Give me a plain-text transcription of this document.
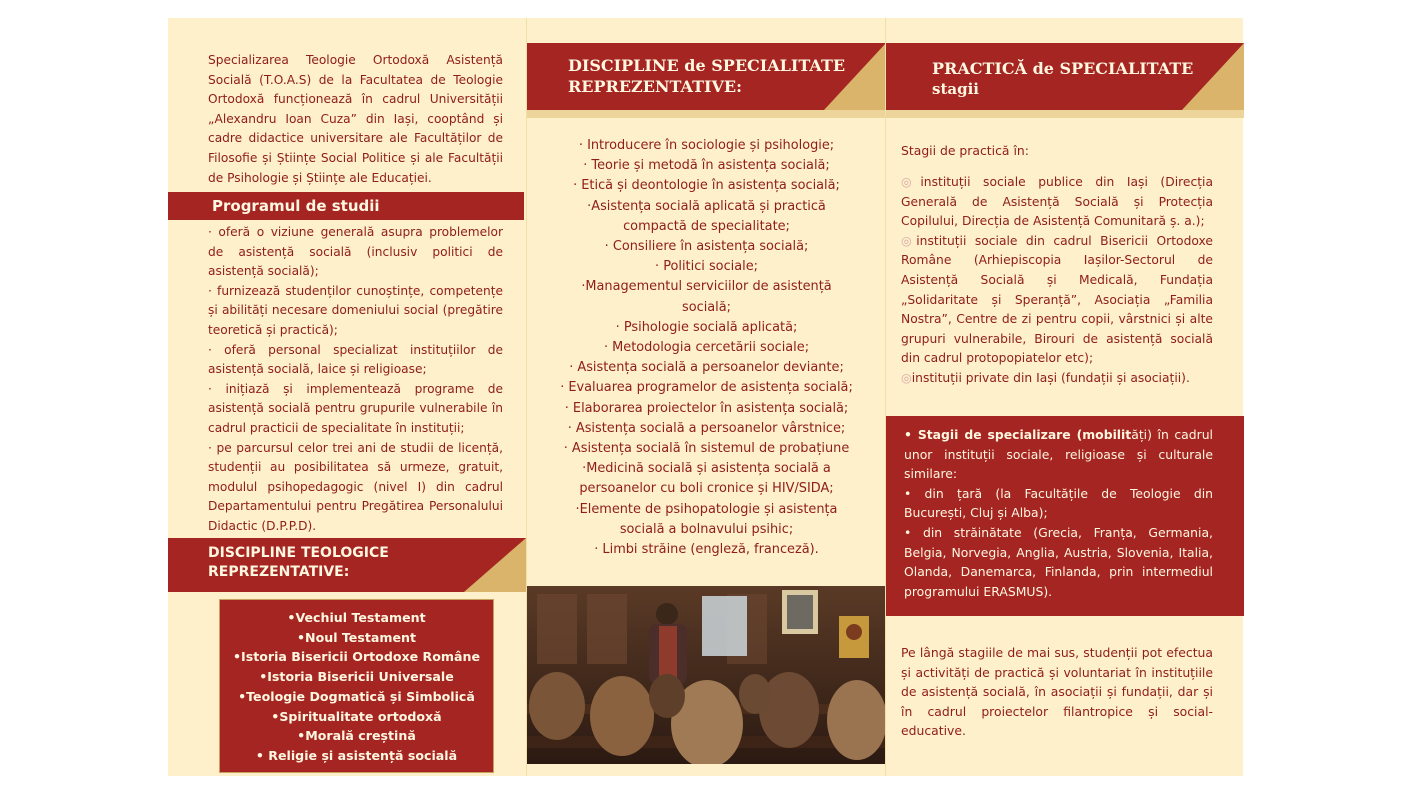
Specializarea Teologie Ortodoxă Asistență Socială (T.O.A.S) de la Facultatea de Teologie Ortodoxă funcționează în cadrul Universității „Alexandru Ioan Cuza” din Iași, cooptând și cadre didactice universitare ale Facultăților de Filosofie și Științe Social Politice și ale Facultății de Psihologie și Științe ale Educației.
Programul de studii

· oferă o viziune generală asupra problemelor de asistență socială (inclusiv politici de asistență socială);

· furnizează studenților cunoștințe, competențe și abilități necesare domeniului social (pregătire teoretică și practică);

· oferă personal specializat instituțiilor de asistență socială, laice și religioase;

· inițiază și implementează programe de asistență socială pentru grupurile vulnerabile în cadrul practicii de specialitate în instituții;

· pe parcursul celor trei ani de studii de licență, studenții au posibilitatea să urmeze, gratuit, modulul psihopedagogic (nivel I) din cadrul Departamentului pentru Pregătirea Personalului Didactic (D.P.P.D).

DISCIPLINE TEOLOGICE
REPREZENTATIVE:
•Vechiul Testament
•Noul Testament
•Istoria Bisericii Ortodoxe Române
•Istoria Bisericii Universale
•Teologie Dogmatică și Simbolică
•Spiritualitate ortodoxă
•Morală creștină
• Religie și asistență socială
DISCIPLINE de SPECIALITATE
REPREZENTATIVE:
· Introducere în sociologie și psihologie;
· Teorie și metodă în asistența socială;
· Etică și deontologie în asistența socială;
·Asistența socială aplicată și practică
compactă de specialitate;
· Consiliere în asistența socială;
· Politici sociale;
·Managementul serviciilor de asistență
socială;
· Psihologie socială aplicată;
· Metodologia cercetării sociale;
· Asistența socială a persoanelor deviante;
· Evaluarea programelor de asistența socială;
· Elaborarea proiectelor în asistența socială;
· Asistența socială a persoanelor vârstnice;
· Asistența socială în sistemul de probațiune
·Medicină socială și asistența socială a
persoanelor cu boli cronice și HIV/SIDA;
·Elemente de psihopatologie și asistența
socială a bolnavului psihic;
· Limbi străine (engleză, franceză).
PRACTICĂ de SPECIALITATE
stagii
Stagii de practică în:

◎instituții sociale publice din Iași (Direcția Generală de Asistență Socială și Protecția Copilului, Direcția de Asistență Comunitară ș. a.);

◎instituții sociale din cadrul Bisericii Ortodoxe Române (Arhiepiscopia Iașilor-Sectorul de Asistență Socială și Medicală, Fundația „Solidaritate și Speranță”, Asociația „Familia Nostra”, Centre de zi pentru copii, vârstnici și alte grupuri vulnerabile, Birouri de asistență socială din cadrul protopopiatelor etc);

◎instituții private din Iași (fundații și asociații).

• Stagii de specializare (mobilități) în cadrul unor instituții sociale, religioase și culturale similare:

• din țară (la Facultățile de Teologie din București, Cluj și Alba);

• din străinătate (Grecia, Franța, Germania, Belgia, Norvegia, Anglia, Austria, Slovenia, Italia, Olanda, Danemarca, Finlanda, prin intermediul programului ERASMUS).

Pe lângă stagiile de mai sus, studenții pot efectua și activități de practică și voluntariat în instituțiile de asistență socială, în asociații și fundații, dar și în cadrul proiectelor filantropice și social-educative.
